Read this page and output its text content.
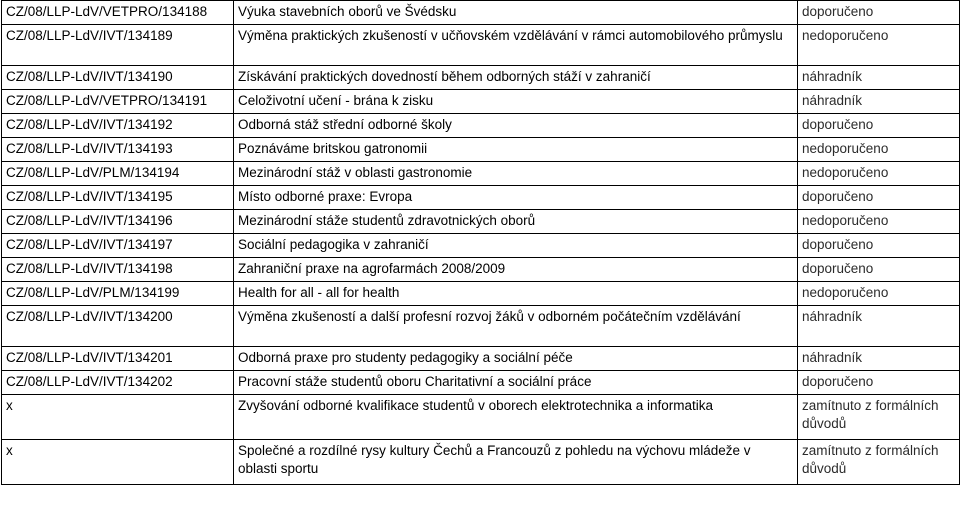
CZ/08/LLP-LdV/VETPRO/134188	Výuka stavebních oborů ve Švédsku	doporučeno
CZ/08/LLP-LdV/IVT/134189	Výměna praktických zkušeností v učňovském vzdělávání v rámci automobilového průmyslu	nedoporučeno
CZ/08/LLP-LdV/IVT/134190	Získávání praktických dovedností během odborných stáží v zahraničí	náhradník
CZ/08/LLP-LdV/VETPRO/134191	Celoživotní učení - brána k zisku	náhradník
CZ/08/LLP-LdV/IVT/134192	Odborná stáž střední odborné školy	doporučeno
CZ/08/LLP-LdV/IVT/134193	Poznáváme britskou gatronomii	nedoporučeno
CZ/08/LLP-LdV/PLM/134194	Mezinárodní stáž v oblasti gastronomie	nedoporučeno
CZ/08/LLP-LdV/IVT/134195	Místo odborné praxe: Evropa	doporučeno
CZ/08/LLP-LdV/IVT/134196	Mezinárodní stáže studentů zdravotnických oborů	nedoporučeno
CZ/08/LLP-LdV/IVT/134197	Sociální pedagogika v zahraničí	doporučeno
CZ/08/LLP-LdV/IVT/134198	Zahraniční praxe na agrofarmách 2008/2009	doporučeno
CZ/08/LLP-LdV/PLM/134199	Health for all - all for health	nedoporučeno
CZ/08/LLP-LdV/IVT/134200	Výměna zkušeností a další profesní rozvoj žáků v odborném počátečním vzdělávání	náhradník
CZ/08/LLP-LdV/IVT/134201	Odborná praxe pro studenty pedagogiky a sociální péče	náhradník
CZ/08/LLP-LdV/IVT/134202	Pracovní stáže studentů oboru Charitativní a sociální práce	doporučeno
x	Zvyšování odborné kvalifikace studentů v oborech elektrotechnika a informatika	zamítnuto z formálních důvodů
x	Společné a rozdílné rysy kultury Čechů a Francouzů z pohledu na výchovu mládeže v oblasti sportu	zamítnuto z formálních důvodů
